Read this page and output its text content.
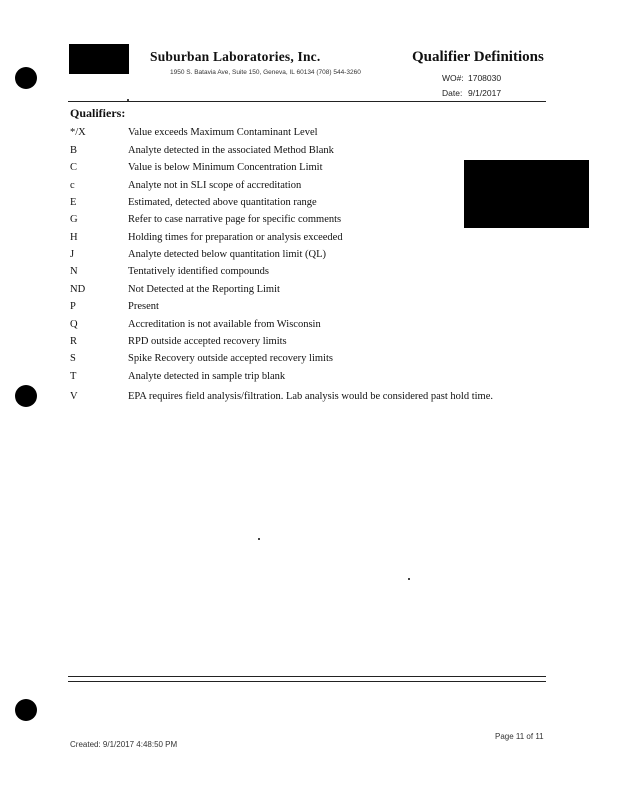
Suburban Laboratories, Inc.
1950 S. Batavia Ave, Suite 150, Geneva, IL 60134 (708) 544-3260
Qualifier Definitions
WO#: 1708030
Date: 9/1/2017
Qualifiers:
*/X	Value exceeds Maximum Contaminant Level
B	Analyte detected in the associated Method Blank
C	Value is below Minimum Concentration Limit
c	Analyte not in SLI scope of accreditation
E	Estimated, detected above quantitation range
G	Refer to case narrative page for specific comments
H	Holding times for preparation or analysis exceeded
J	Analyte detected below quantitation limit (QL)
N	Tentatively identified compounds
ND	Not Detected at the Reporting Limit
P	Present
Q	Accreditation is not available from Wisconsin
R	RPD outside accepted recovery limits
S	Spike Recovery outside accepted recovery limits
T	Analyte detected in sample trip blank
V	EPA requires field analysis/filtration. Lab analysis would be considered past hold time.
Page 11 of 11
Created: 9/1/2017 4:48:50 PM
